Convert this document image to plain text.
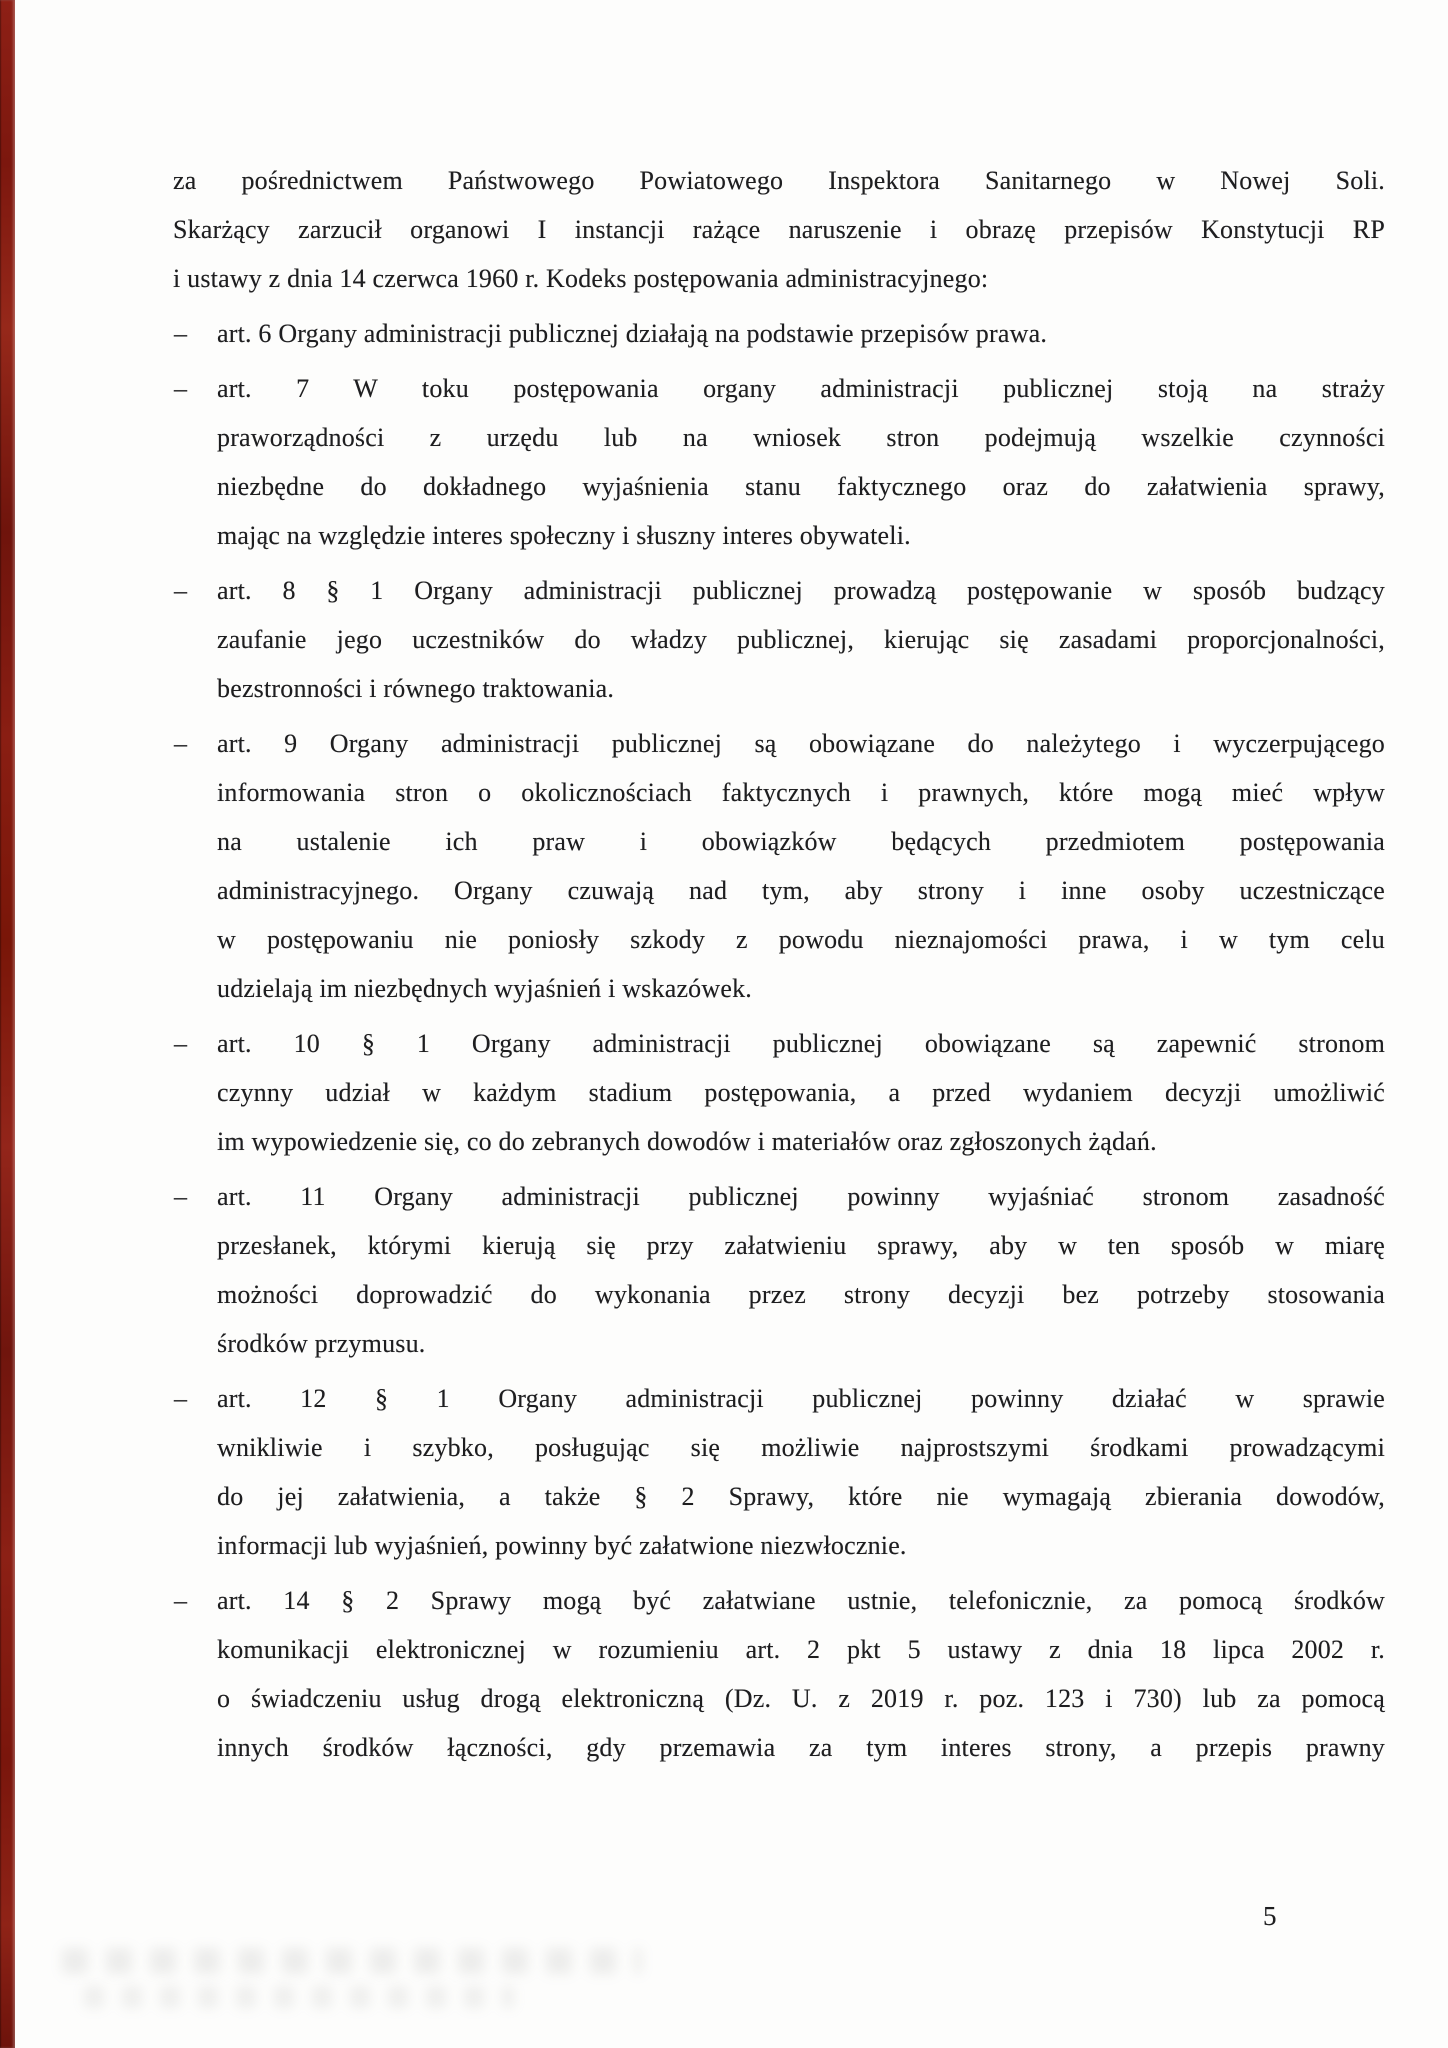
za pośrednictwem Państwowego Powiatowego Inspektora Sanitarnego w Nowej Soli.
Skarżący zarzucił organowi I instancji rażące naruszenie i obrazę przepisów Konstytucji RP
i ustawy z dnia 14 czerwca 1960 r. Kodeks postępowania administracyjnego:
– art. 6 Organy administracji publicznej działają na podstawie przepisów prawa.
– art. 7 W toku postępowania organy administracji publicznej stoją na straży
praworządności z urzędu lub na wniosek stron podejmują wszelkie czynności
niezbędne do dokładnego wyjaśnienia stanu faktycznego oraz do załatwienia sprawy,
mając na względzie interes społeczny i słuszny interes obywateli.
– art. 8 § 1 Organy administracji publicznej prowadzą postępowanie w sposób budzący
zaufanie jego uczestników do władzy publicznej, kierując się zasadami proporcjonalności,
bezstronności i równego traktowania.
– art. 9 Organy administracji publicznej są obowiązane do należytego i wyczerpującego
informowania stron o okolicznościach faktycznych i prawnych, które mogą mieć wpływ
na ustalenie ich praw i obowiązków będących przedmiotem postępowania
administracyjnego. Organy czuwają nad tym, aby strony i inne osoby uczestniczące
w postępowaniu nie poniosły szkody z powodu nieznajomości prawa, i w tym celu
udzielają im niezbędnych wyjaśnień i wskazówek.
– art. 10 § 1 Organy administracji publicznej obowiązane są zapewnić stronom
czynny udział w każdym stadium postępowania, a przed wydaniem decyzji umożliwić
im wypowiedzenie się, co do zebranych dowodów i materiałów oraz zgłoszonych żądań.
– art. 11 Organy administracji publicznej powinny wyjaśniać stronom zasadność
przesłanek, którymi kierują się przy załatwieniu sprawy, aby w ten sposób w miarę
możności doprowadzić do wykonania przez strony decyzji bez potrzeby stosowania
środków przymusu.
– art. 12 § 1 Organy administracji publicznej powinny działać w sprawie
wnikliwie i szybko, posługując się możliwie najprostszymi środkami prowadzącymi
do jej załatwienia, a także § 2 Sprawy, które nie wymagają zbierania dowodów,
informacji lub wyjaśnień, powinny być załatwione niezwłocznie.
– art. 14 § 2 Sprawy mogą być załatwiane ustnie, telefonicznie, za pomocą środków
komunikacji elektronicznej w rozumieniu art. 2 pkt 5 ustawy z dnia 18 lipca 2002 r.
o świadczeniu usług drogą elektroniczną (Dz. U. z 2019 r. poz. 123 i 730) lub za pomocą
innych środków łączności, gdy przemawia za tym interes strony, a przepis prawny
5
